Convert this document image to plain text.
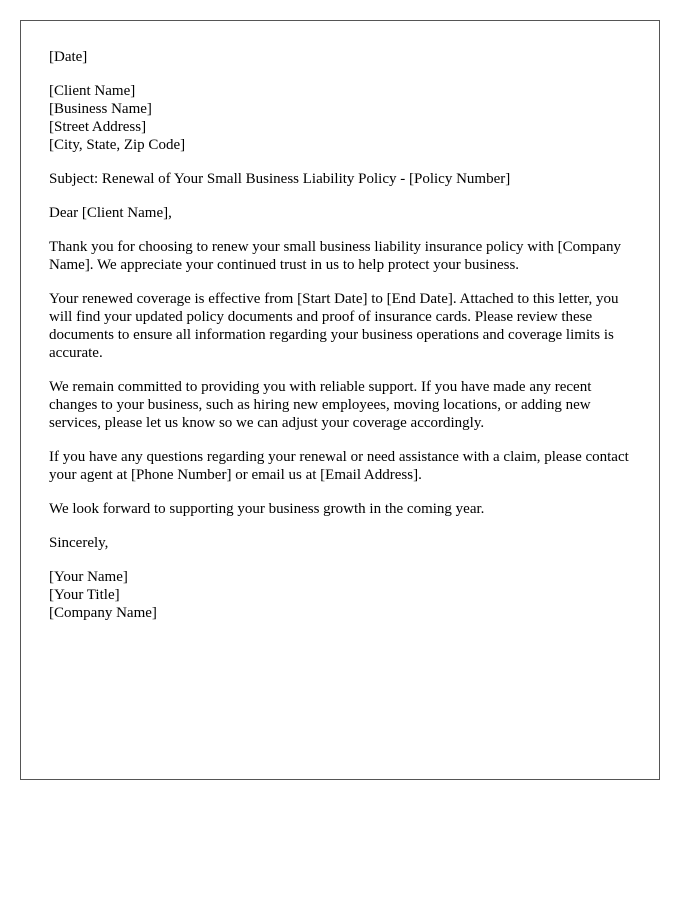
[Date]
[Client Name]
[Business Name]
[Street Address]
[City, State, Zip Code]
Subject: Renewal of Your Small Business Liability Policy - [Policy Number]
Dear [Client Name],

Thank you for choosing to renew your small business liability insurance policy with [Company Name]. We appreciate your continued trust in us to help protect your business.

Your renewed coverage is effective from [Start Date] to [End Date]. Attached to this letter, you will find your updated policy documents and proof of insurance cards. Please review these documents to ensure all information regarding your business operations and coverage limits is accurate.

We remain committed to providing you with reliable support. If you have made any recent changes to your business, such as hiring new employees, moving locations, or adding new services, please let us know so we can adjust your coverage accordingly.

If you have any questions regarding your renewal or need assistance with a claim, please contact your agent at [Phone Number] or email us at [Email Address].

We look forward to supporting your business growth in the coming year.

Sincerely,
[Your Name]
[Your Title]
[Company Name]
